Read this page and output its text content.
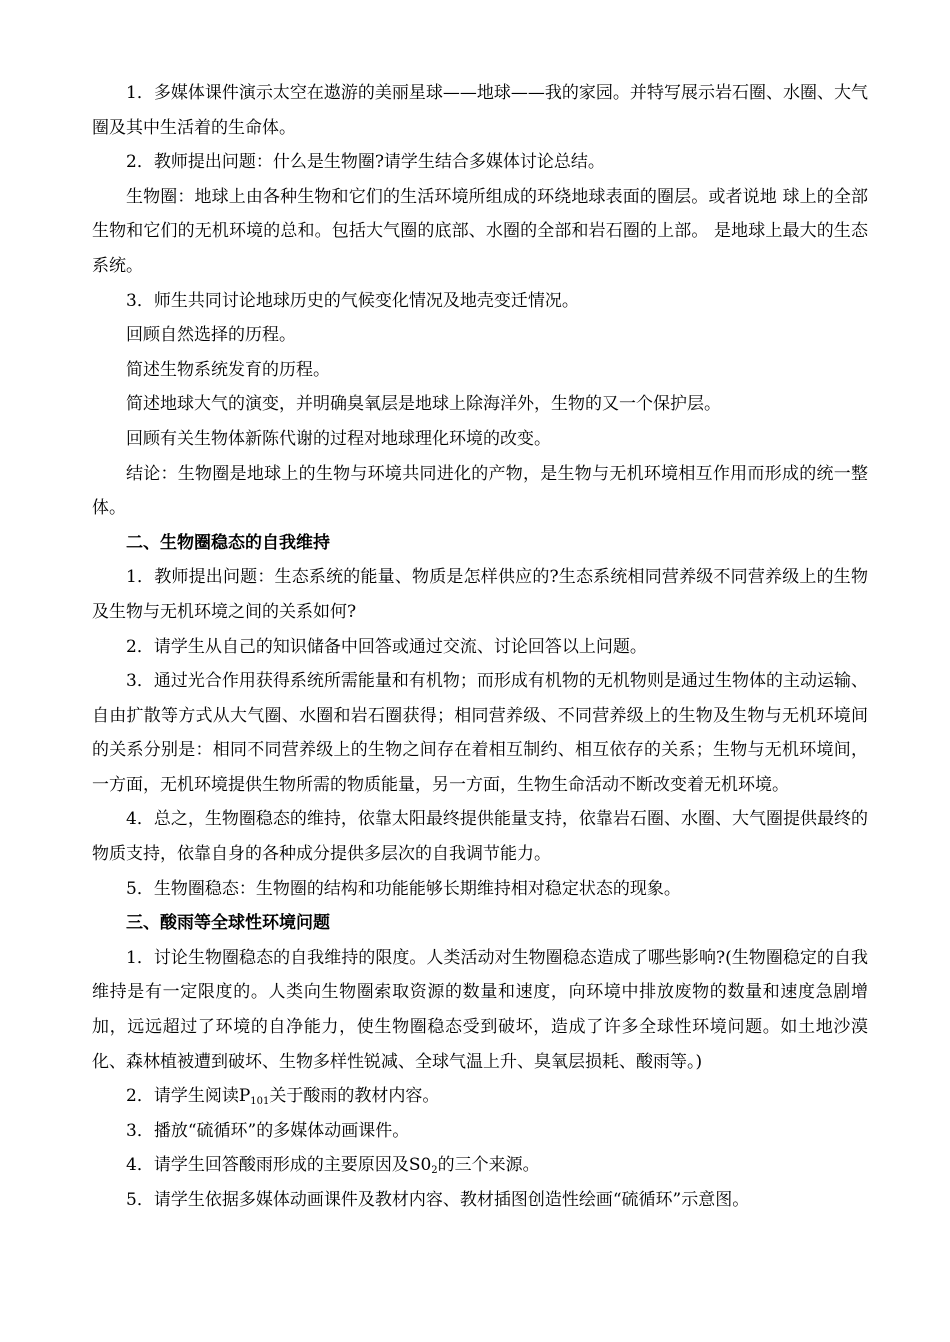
1．多媒体课件演示太空在遨游的美丽星球——地球——我的家园。并特写展示岩石圈、水圈、大气圈及其中生活着的生命体。

2．教师提出问题：什么是生物圈?请学生结合多媒体讨论总结。

生物圈：地球上由各种生物和它们的生活环境所组成的环绕地球表面的圈层。或者说地 球上的全部生物和它们的无机环境的总和。包括大气圈的底部、水圈的全部和岩石圈的上部。 是地球上最大的生态系统。

3．师生共同讨论地球历史的气候变化情况及地壳变迁情况。

回顾自然选择的历程。

简述生物系统发育的历程。

简述地球大气的演变，并明确臭氧层是地球上除海洋外，生物的又一个保护层。

回顾有关生物体新陈代谢的过程对地球理化环境的改变。

结论：生物圈是地球上的生物与环境共同进化的产物，是生物与无机环境相互作用而形成的统一整体。

二、生物圈稳态的自我维持

1．教师提出问题：生态系统的能量、物质是怎样供应的?生态系统相同营养级不同营养级上的生物及生物与无机环境之间的关系如何?

2．请学生从自己的知识储备中回答或通过交流、讨论回答以上问题。

3．通过光合作用获得系统所需能量和有机物；而形成有机物的无机物则是通过生物体的主动运输、自由扩散等方式从大气圈、水圈和岩石圈获得；相同营养级、不同营养级上的生物及生物与无机环境间的关系分别是：相同不同营养级上的生物之间存在着相互制约、相互依存的关系；生物与无机环境间，一方面，无机环境提供生物所需的物质能量，另一方面，生物生命活动不断改变着无机环境。

4．总之，生物圈稳态的维持，依靠太阳最终提供能量支持，依靠岩石圈、水圈、大气圈提供最终的物质支持，依靠自身的各种成分提供多层次的自我调节能力。

5．生物圈稳态：生物圈的结构和功能能够长期维持相对稳定状态的现象。

三、酸雨等全球性环境问题

1．讨论生物圈稳态的自我维持的限度。人类活动对生物圈稳态造成了哪些影响?(生物圈稳定的自我维持是有一定限度的。人类向生物圈索取资源的数量和速度，向环境中排放废物的数量和速度急剧增加，远远超过了环境的自净能力，使生物圈稳态受到破坏，造成了许多全球性环境问题。如土地沙漠化、森林植被遭到破坏、生物多样性锐减、全球气温上升、臭氧层损耗、酸雨等。)

2．请学生阅读$P_{101}$关于酸雨的教材内容。

3．播放“硫循环”的多媒体动画课件。

4．请学生回答酸雨形成的主要原因及$S0_2$的三个来源。

5．请学生依据多媒体动画课件及教材内容、教材插图创造性绘画“硫循环”示意图。
